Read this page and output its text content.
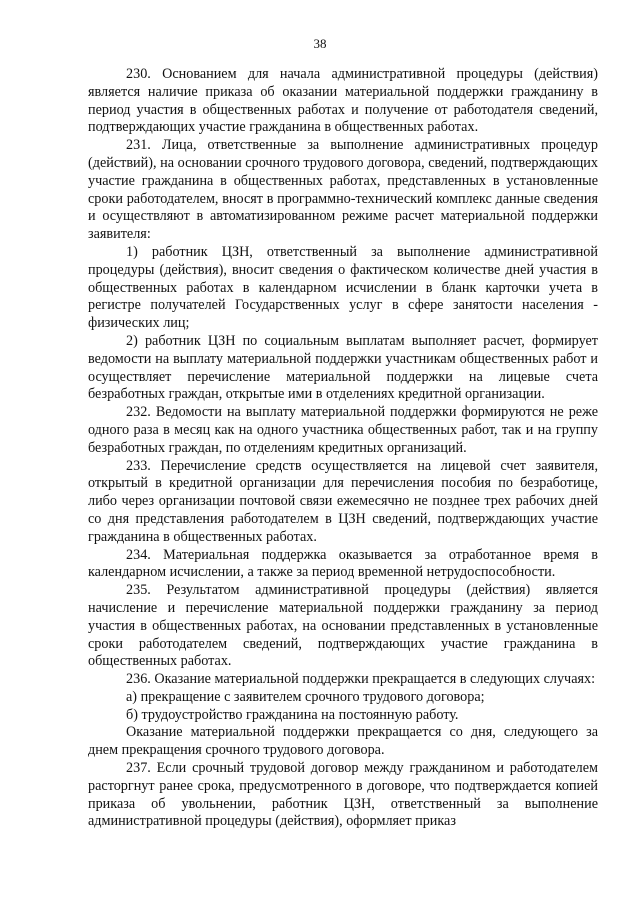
38

230. Основанием для начала административной процедуры (действия) является наличие приказа об оказании материальной поддержки гражданину в период участия в общественных работах и получение от работодателя сведений, подтверждающих участие гражданина в общественных работах.

231. Лица, ответственные за выполнение административных процедур (действий), на основании срочного трудового договора, сведений, подтверждающих участие гражданина в общественных работах, представленных в установленные сроки работодателем, вносят в программно-технический комплекс данные сведения и осуществляют в автоматизированном режиме расчет материальной поддержки заявителя:

1) работник ЦЗН, ответственный за выполнение административной процедуры (действия), вносит сведения о фактическом количестве дней участия в общественных работах в календарном исчислении в бланк карточки учета в регистре получателей Государственных услуг в сфере занятости населения - физических лиц;

2) работник ЦЗН по социальным выплатам выполняет расчет, формирует ведомости на выплату материальной поддержки участникам общественных работ и осуществляет перечисление материальной поддержки на лицевые счета безработных граждан, открытые ими в отделениях кредитной организации.

232. Ведомости на выплату материальной поддержки формируются не реже одного раза в месяц как на одного участника общественных работ, так и на группу безработных граждан, по отделениям кредитных организаций.

233. Перечисление средств осуществляется на лицевой счет заявителя, открытый в кредитной организации для перечисления пособия по безработице, либо через организации почтовой связи ежемесячно не позднее трех рабочих дней со дня представления работодателем в ЦЗН сведений, подтверждающих участие гражданина в общественных работах.

234. Материальная поддержка оказывается за отработанное время в календарном исчислении, а также за период временной нетрудоспособности.

235. Результатом административной процедуры (действия) является начисление и перечисление материальной поддержки гражданину за период участия в общественных работах, на основании представленных в установленные сроки работодателем сведений, подтверждающих участие гражданина в общественных работах.

236. Оказание материальной поддержки прекращается в следующих случаях:

а) прекращение с заявителем срочного трудового договора;

б) трудоустройство гражданина на постоянную работу.

Оказание материальной поддержки прекращается со дня, следующего за днем прекращения срочного трудового договора.

237. Если срочный трудовой договор между гражданином и работодателем расторгнут ранее срока, предусмотренного в договоре, что подтверждается копией приказа об увольнении, работник ЦЗН, ответственный за выполнение административной процедуры (действия), оформляет приказ
